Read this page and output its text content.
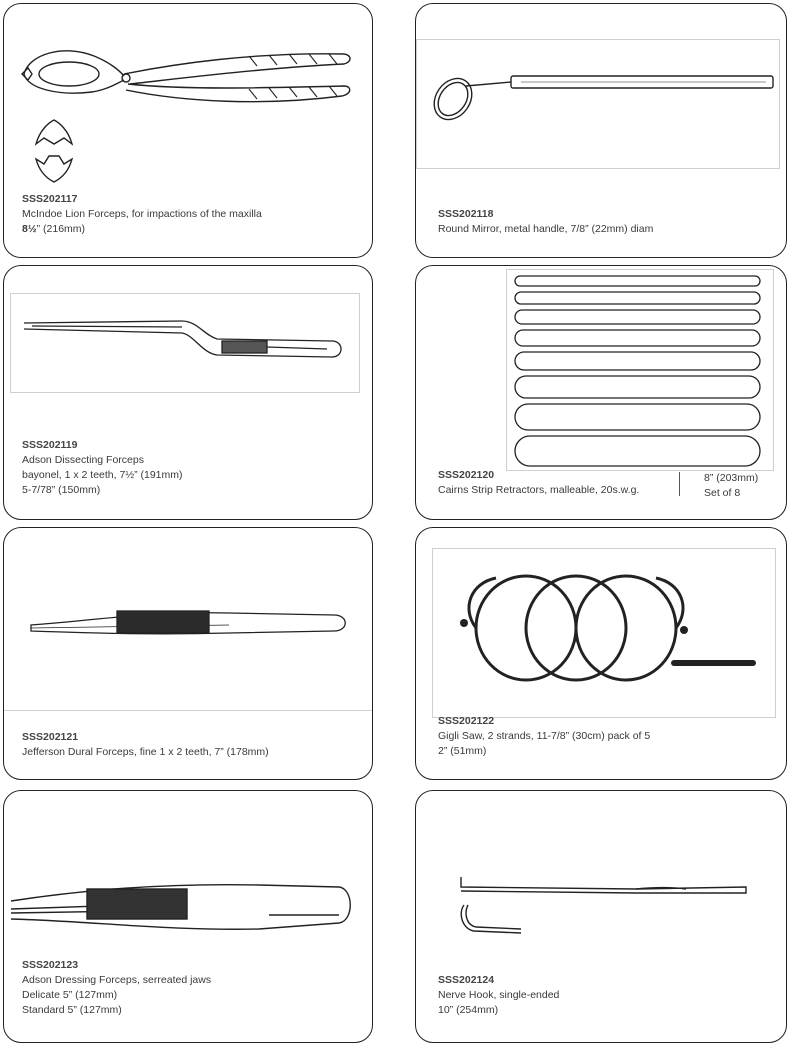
SSS202117
McIndoe Lion Forceps, for impactions of the maxilla
8½” (216mm)
SSS202118
Round Mirror, metal handle, 7/8” (22mm) diam
SSS202119
Adson Dissecting Forceps
bayonel, 1 x 2 teeth, 7½” (191mm)
5-7/78” (150mm)
SSS202120
Cairns Strip Retractors, malleable, 20s.w.g.
8” (203mm)
Set of 8
SSS202121
Jefferson Dural Forceps, fine 1 x 2 teeth, 7” (178mm)
SSS202122
Gigli Saw, 2 strands, 11-7/8” (30cm) pack of 5
2” (51mm)
SSS202123
Adson Dressing Forceps, serreated jaws
Delicate 5” (127mm)
Standard 5” (127mm)
SSS202124
Nerve Hook, single-ended
10” (254mm)
